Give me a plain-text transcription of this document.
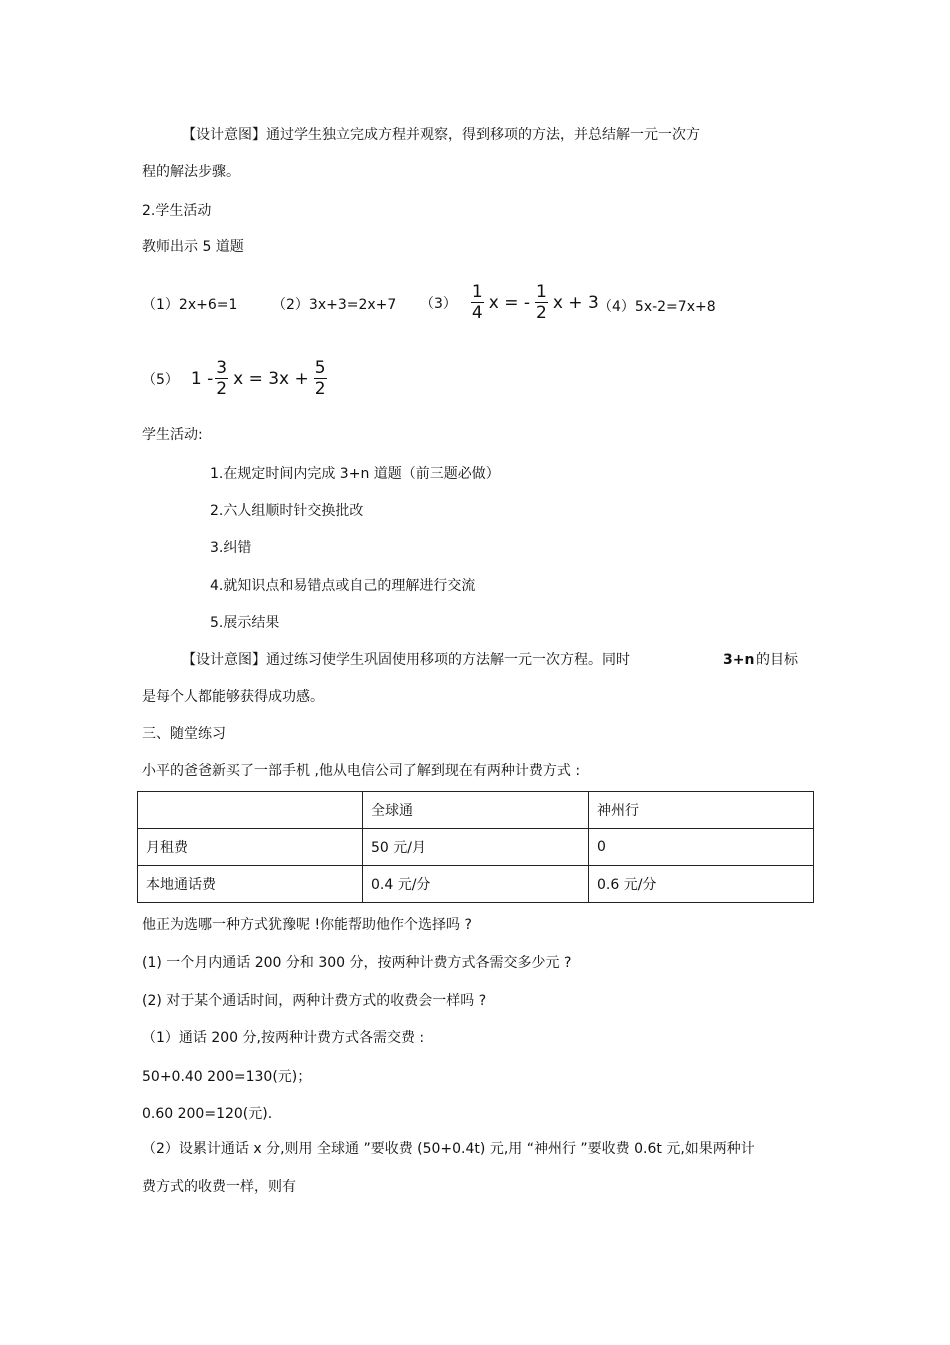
【设计意图】通过学生独立完成方程并观察，得到移项的方法，并总结解一元一次方
程的解法步骤。
2.学生活动
教师出示 5 道题
（1）2x+6=1 （2）3x+3=2x+7 $(3) \frac{1}{4}$ x = - $\frac{1}{2}$ x + 3 （4）5x-2=7x+8
（5） $1 - \frac{3}{2}$ $x = 3x + \frac{5}{2}$
学生活动:
1.在规定时间内完成 3+n 道题（前三题必做）
2.六人组顺时针交换批改
3.纠错
4.就知识点和易错点或自己的理解进行交流
5.展示结果
【设计意图】通过练习使学生巩固使用移项的方法解一元一次方程。同时	3+n 的目标
是每个人都能够获得成功感。
三、随堂练习
小平的爸爸新买了一部手机 ,他从电信公司了解到现在有两种计费方式 :
	全球通	神州行
月租费	50 元/月	0
本地通话费	0.4 元/分	0.6 元/分
他正为选哪一种方式犹豫呢 !你能帮助他作个选择吗 ?
(1) 一个月内通话 200 分和 300 分，按两种计费方式各需交多少元 ?
(2) 对于某个通话时间，两种计费方式的收费会一样吗 ?
（1）通话 200 分,按两种计费方式各需交费 :
50+0.40 200=130(元)；
0.60 200=120(元).
（2）设累计通话 x 分,则用 全球通 ”要收费 (50+0.4t) 元,用 “神州行 ”要收费 0.6t 元,如果两种计
费方式的收费一样，则有
